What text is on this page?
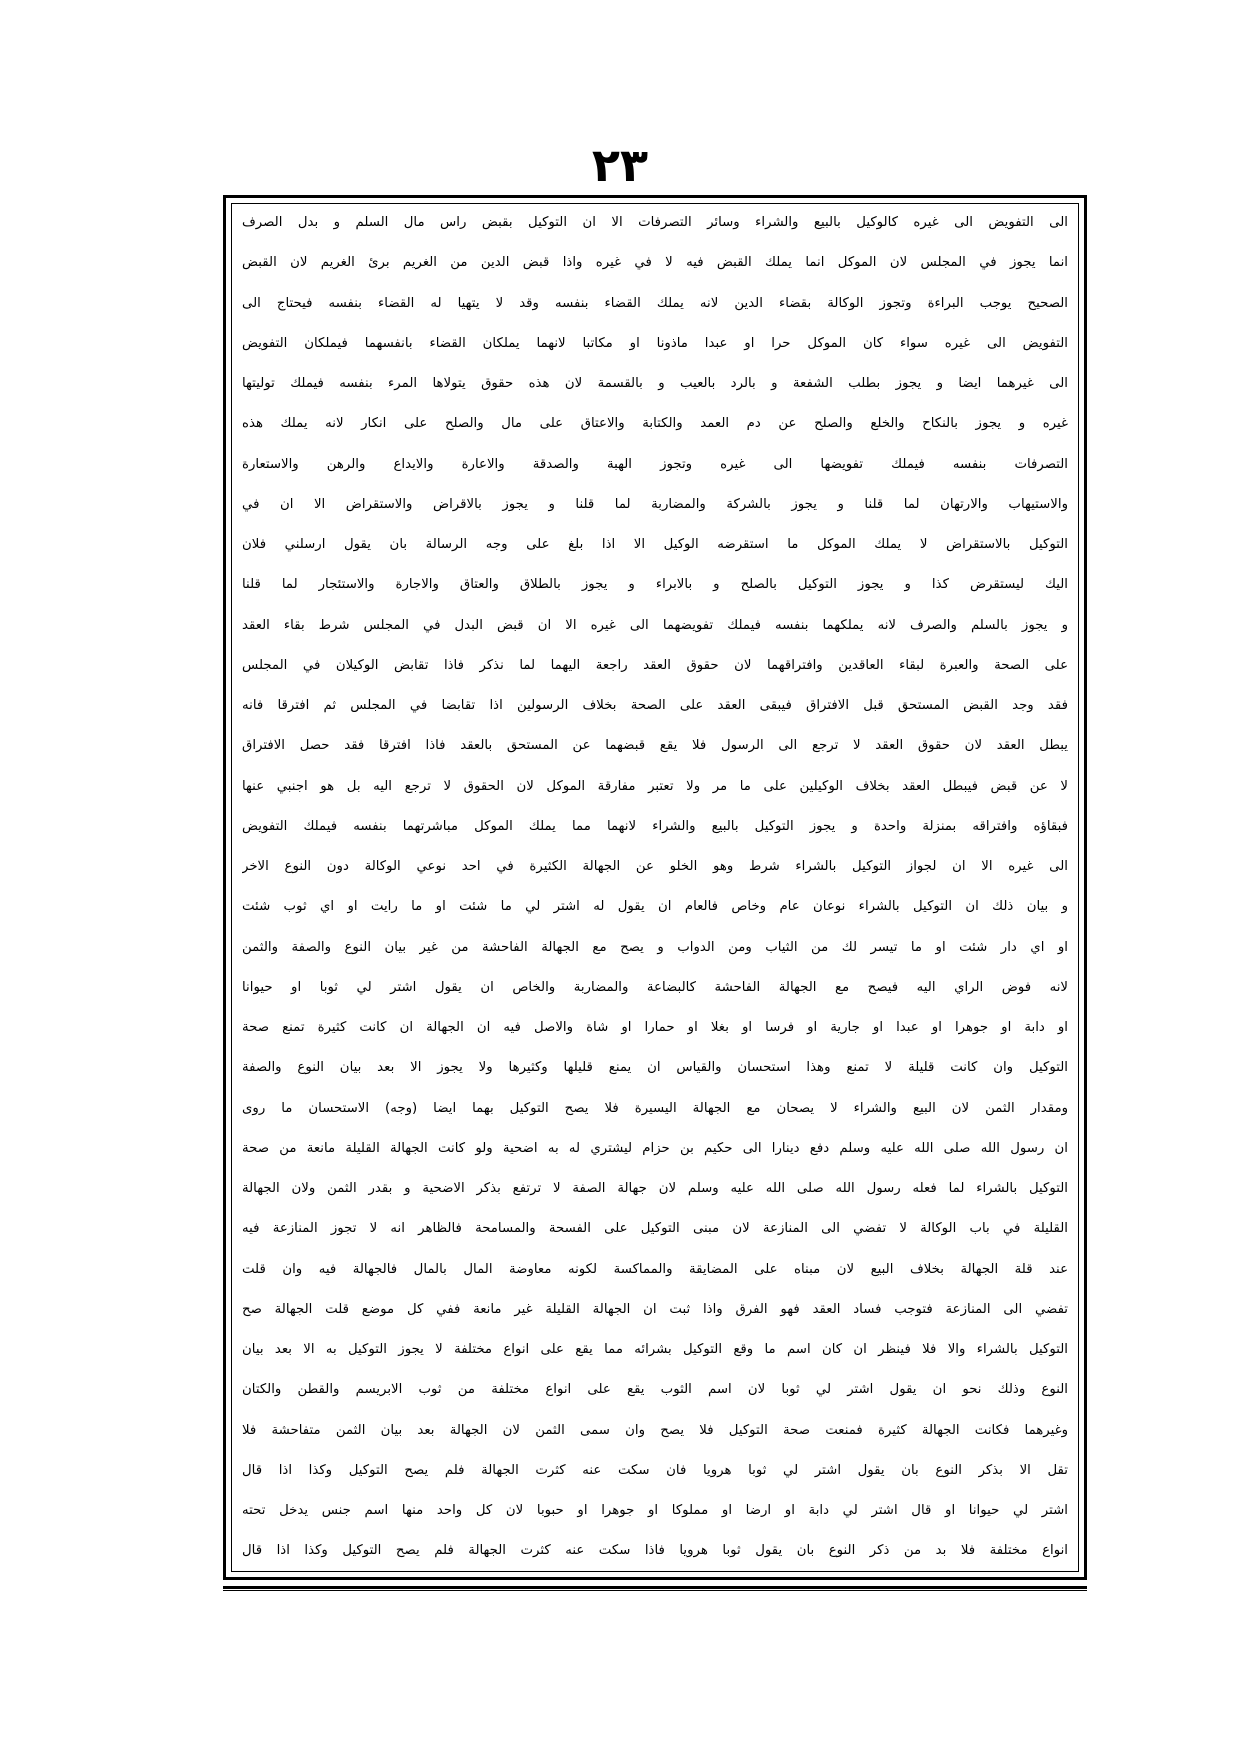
٢٣
الى التفويض الى غيره كالوكيل بالبيع والشراء وسائر التصرفات الا أن التوكيل بقبض رأس مال السلم و بدل الصرف
انما يجوز في المجلس لان الموكل انما يملك القبض فيه لا في غيره واذا قبض الدين من الغريم برئ الغريم لان القبض
الصحيح يوجب البراءة وتجوز الوكالة بقضاء الدين لانه يملك القضاء بنفسه وقد لا يتهيأ له القضاء بنفسه فيحتاج الى
التفويض الى غيره سواء كان الموكل حرا أو عبدا ماذونا أو مكاتبا لانهما يملكان القضاء بأنفسهما فيملكان التفويض
الى غيرهما أيضا و يجوز بطلب الشفعة و بالرد بالعيب و بالقسمة لان هذه حقوق يتولاها المرء بنفسه فيملك توليتها
غيره و يجوز بالنكاح والخلع والصلح عن دم العمد والكتابة والاعتاق على مال والصلح على انكار لانه يملك هذه
التصرفات بنفسه فيملك تفويضها الى غيره وتجوز الهبة والصدقة والاعارة والايداع والرهن والاستعارة
والاستيهاب والارتهان لما قلنا و يجوز بالشركة والمضاربة لما قلنا و يجوز بالاقراض والاستقراض الا أن في
التوكيل بالاستقراض لا يملك الموكل ما استقرضه الوكيل الا اذا بلغ على وجه الرسالة بأن يقول أرسلني فلان
اليك ليستقرض كذا و يجوز التوكيل بالصلح و بالابراء و يجوز بالطلاق والعتاق والاجارة والاستئجار لما قلنا
و يجوز بالسلم والصرف لانه يملكهما بنفسه فيملك تفويضهما الى غيره الا أن قبض البدل في المجلس شرط بقاء العقد
على الصحة والعبرة لبقاء العاقدين وافتراقهما لان حقوق العقد راجعة اليهما لما نذكر فاذا تقابض الوكيلان في المجلس
فقد وجد القبض المستحق قبل الافتراق فيبقى العقد على الصحة بخلاف الرسولين اذا تقابضا في المجلس ثم افترقا فانه
يبطل العقد لان حقوق العقد لا ترجع الى الرسول فلا يقع قبضهما عن المستحق بالعقد فاذا افترقا فقد حصل الافتراق
لا عن قبض فيبطل العقد بخلاف الوكيلين على ما مر ولا تعتبر مفارقة الموكل لان الحقوق لا ترجع اليه بل هو أجنبي عنها
فبقاؤه وافتراقه بمنزلة واحدة و يجوز التوكيل بالبيع والشراء لانهما مما يملك الموكل مباشرتهما بنفسه فيملك التفويض
الى غيره الا أن لجواز التوكيل بالشراء شرط وهو الخلو عن الجهالة الكثيرة في أحد نوعي الوكالة دون النوع الآخر
و بيان ذلك ان التوكيل بالشراء نوعان عام وخاص فالعام أن يقول له اشتر لي ما شئت أو ما رأيت أو أي ثوب شئت
أو أي دار شئت أو ما تيسر لك من الثياب ومن الدواب و يصح مع الجهالة الفاحشة من غير بيان النوع والصفة والثمن
لانه فوض الرأي اليه فيصح مع الجهالة الفاحشة كالبضاعة والمضاربة والخاص أن يقول اشتر لي ثوبا أو حيوانا
أو دابة أو جوهرا أو عبدا أو جارية أو فرسا أو بغلا أو حمارا أو شاة والاصل فيه ان الجهالة ان كانت كثيرة تمنع صحة
التوكيل وان كانت قليلة لا تمنع وهذا استحسان والقياس أن يمنع قليلها وكثيرها ولا يجوز الا بعد بيان النوع والصفة
ومقدار الثمن لان البيع والشراء لا يصحان مع الجهالة اليسيرة فلا يصح التوكيل بهما أيضا (وجه) الاستحسان ما روى
ان رسول الله صلى الله عليه وسلم دفع دينارا الى حكيم بن حزام ليشتري له به أضحية ولو كانت الجهالة القليلة مانعة من صحة
التوكيل بالشراء لما فعله رسول الله صلى الله عليه وسلم لان جهالة الصفة لا ترتفع بذكر الاضحية و بقدر الثمن ولان الجهالة
القليلة في باب الوكالة لا تفضي الى المنازعة لان مبنى التوكيل على الفسحة والمسامحة فالظاهر انه لا تجوز المنازعة فيه
عند قلة الجهالة بخلاف البيع لان مبناه على المضايقة والمماكسة لكونه معاوضة المال بالمال فالجهالة فيه وان قلت
تفضي الى المنازعة فتوجب فساد العقد فهو الفرق واذا ثبت ان الجهالة القليلة غير مانعة ففي كل موضع قلت الجهالة صح
التوكيل بالشراء والا فلا فينظر ان كان اسم ما وقع التوكيل بشرائه مما يقع على أنواع مختلفة لا يجوز التوكيل به الا بعد بيان
النوع وذلك نحو أن يقول اشتر لي ثوبا لان اسم الثوب يقع على أنواع مختلفة من ثوب الابريسم والقطن والكتان
وغيرهما فكانت الجهالة كثيرة فمنعت صحة التوكيل فلا يصح وان سمى الثمن لان الجهالة بعد بيان الثمن متفاحشة فلا
تقل الا بذكر النوع بأن يقول اشتر لي ثوبا هرويا فان سكت عنه كثرت الجهالة فلم يصح التوكيل وكذا اذا قال
اشتر لي حيوانا أو قال اشتر لي دابة أو أرضا أو مملوكا أو جوهرا أو حبوبا لان كل واحد منها اسم جنس يدخل تحته
أنواع مختلفة فلا بد من ذكر النوع بأن يقول ثوبا هرويا فاذا سكت عنه كثرت الجهالة فلم يصح التوكيل وكذا اذا قال
